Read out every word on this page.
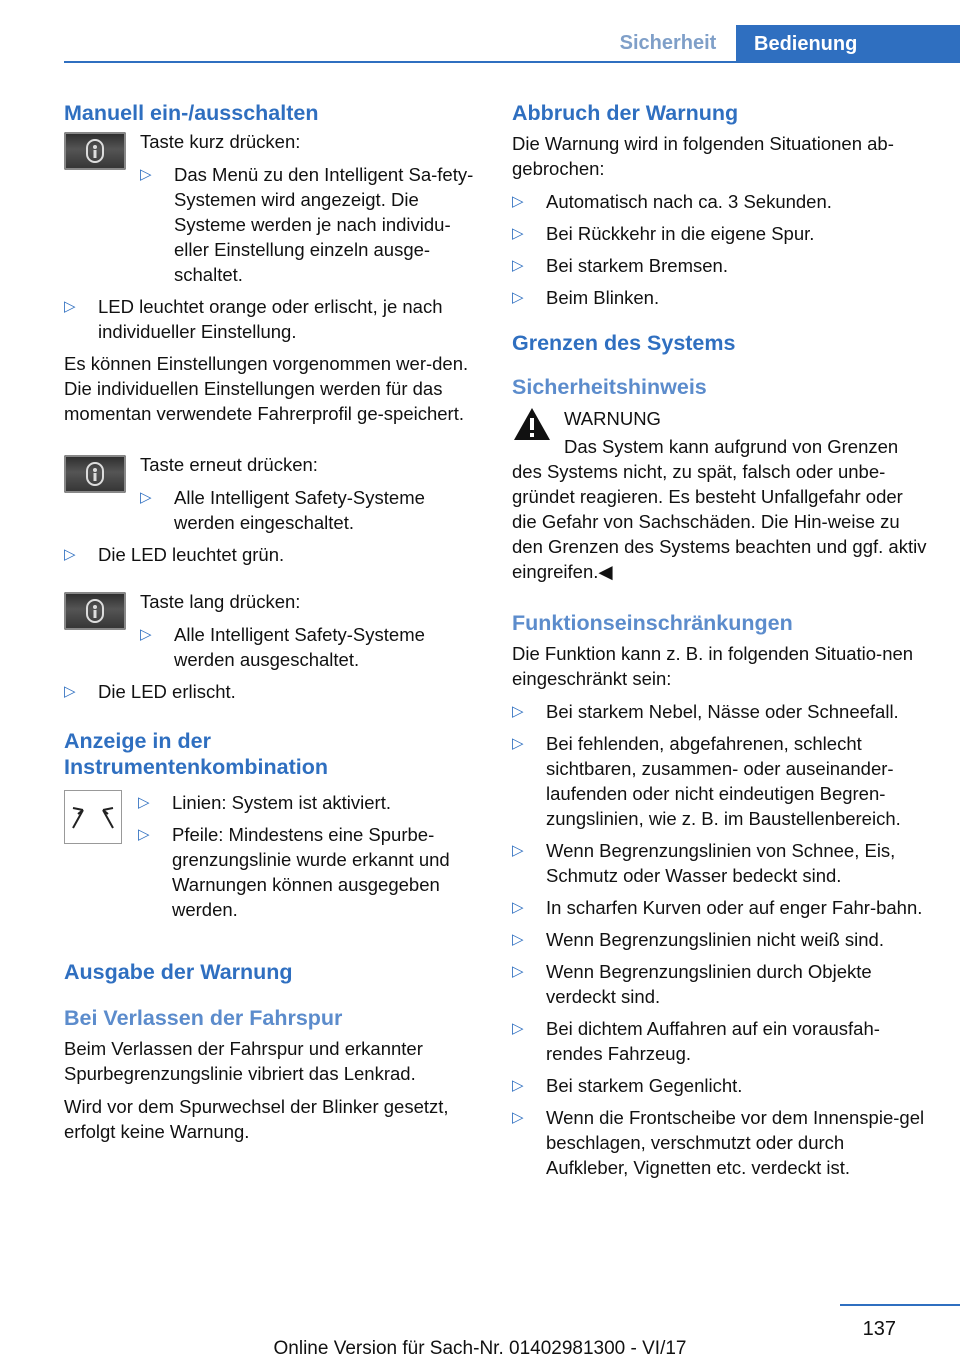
Sicherheit	Bedienung
Manuell ein-/ausschalten

Taste kurz drücken:

▷ Das Menü zu den Intelligent Sa-fety-Systemen wird angezeigt. Die Systeme werden je nach individu-eller Einstellung einzeln ausge-schaltet.
▷ LED leuchtet orange oder erlischt, je nach individueller Einstellung.

Es können Einstellungen vorgenommen wer-den. Die individuellen Einstellungen werden für das momentan verwendete Fahrerprofil ge-speichert.

Taste erneut drücken:

▷ Alle Intelligent Safety-Systeme werden eingeschaltet.
▷ Die LED leuchtet grün.

Taste lang drücken:

▷ Alle Intelligent Safety-Systeme werden ausgeschaltet.
▷ Die LED erlischt.
Anzeige in der Instrumentenkombination
▷ Linien: System ist aktiviert.
▷ Pfeile: Mindestens eine Spurbe-grenzungslinie wurde erkannt und Warnungen können ausgegeben werden.
Ausgabe der Warnung
Bei Verlassen der Fahrspur

Beim Verlassen der Fahrspur und erkannter Spurbegrenzungslinie vibriert das Lenkrad.

Wird vor dem Spurwechsel der Blinker gesetzt, erfolgt keine Warnung.

Abbruch der Warnung

Die Warnung wird in folgenden Situationen ab-gebrochen:

▷ Automatisch nach ca. 3 Sekunden.
▷ Bei Rückkehr in die eigene Spur.
▷ Bei starkem Bremsen.
▷ Beim Blinken.
Grenzen des Systems
Sicherheitshinweis

WARNUNG

Das System kann aufgrund von Grenzen des Systems nicht, zu spät, falsch oder unbe-gründet reagieren. Es besteht Unfallgefahr oder die Gefahr von Sachschäden. Die Hin-weise zu den Grenzen des Systems beachten und ggf. aktiv eingreifen.◀

Funktionseinschränkungen

Die Funktion kann z. B. in folgenden Situatio-nen eingeschränkt sein:

▷ Bei starkem Nebel, Nässe oder Schneefall.
▷ Bei fehlenden, abgefahrenen, schlecht sichtbaren, zusammen- oder auseinander-laufenden oder nicht eindeutigen Begren-zungslinien, wie z. B. im Baustellenbereich.
▷ Wenn Begrenzungslinien von Schnee, Eis, Schmutz oder Wasser bedeckt sind.
▷ In scharfen Kurven oder auf enger Fahr-bahn.
▷ Wenn Begrenzungslinien nicht weiß sind.
▷ Wenn Begrenzungslinien durch Objekte verdeckt sind.
▷ Bei dichtem Auffahren auf ein vorausfah-rendes Fahrzeug.
▷ Bei starkem Gegenlicht.
▷ Wenn die Frontscheibe vor dem Innenspie-gel beschlagen, verschmutzt oder durch Aufkleber, Vignetten etc. verdeckt ist.
137
Online Version für Sach-Nr. 01402981300 - VI/17
